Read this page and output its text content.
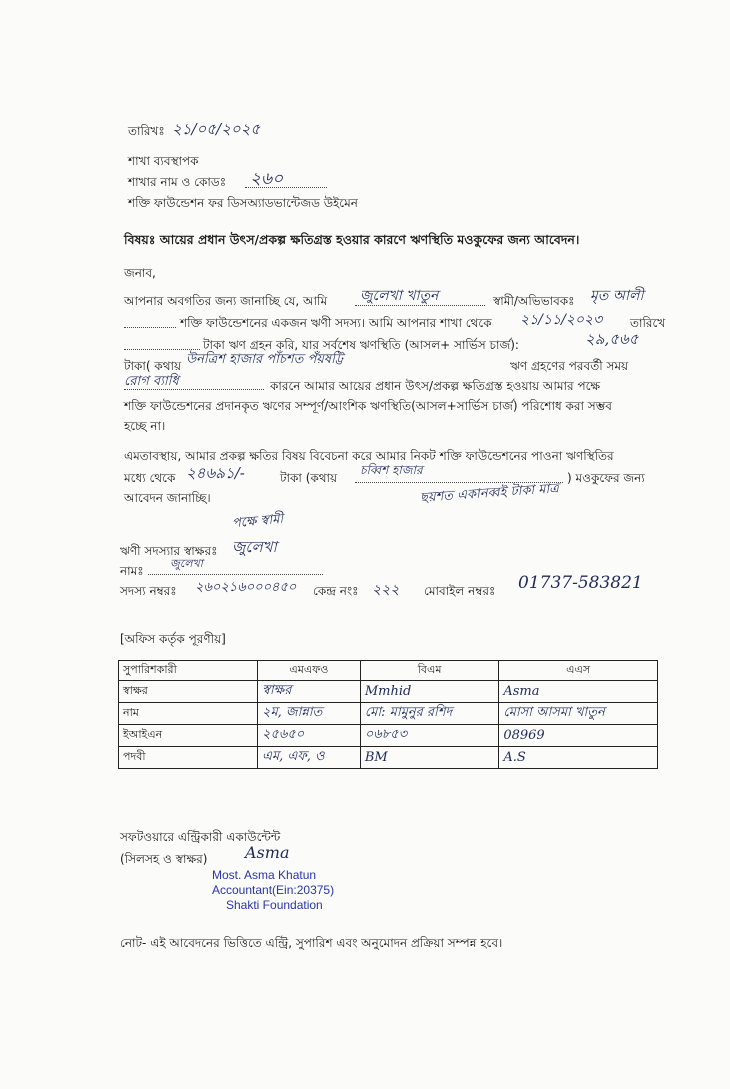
তারিখঃ ২১/০৫/২০২৫
শাখা ব্যবস্থাপক
শাখার নাম ও কোডঃ ২৬০
শক্তি ফাউন্ডেশন ফর ডিসঅ্যাডভান্টেজড উইমেন
বিষয়ঃ আয়ের প্রধান উৎস/প্রকল্প ক্ষতিগ্রস্ত হওয়ার কারণে ঋণস্থিতি মওকুফের জন্য আবেদন।
জনাব,
আপনার অবগতির জন্য জানাচ্ছি যে, আমি জুলেখা খাতুন	স্বামী/অভিভাবকঃ মৃত আলী
শক্তি ফাউন্ডেশনের একজন ঋণী সদস্য। আমি আপনার শাখা থেকে ২১/১১/২০২৩ তারিখে
টাকা ঋণ গ্রহন করি, যার সর্বশেষ ঋণস্থিতি (আসল+ সার্ভিস চার্জ):	২৯,৫৬৫
টাকা( কথায় উনত্রিশ হাজার পাঁচশত পঁয়ষট্টি	ঋণ গ্রহণের পরবর্তী সময়
রোগ ব্যাধি	কারনে আমার আয়ের প্রধান উৎস/প্রকল্প ক্ষতিগ্রস্ত হওয়ায় আমার পক্ষে
শক্তি ফাউন্ডেশনের প্রদানকৃত ঋণের সম্পূর্ণ/আংশিক ঋণস্থিতি(আসল+সার্ভিস চার্জ) পরিশোধ করা সম্ভব
হচ্ছে না।
এমতাবস্থায়, আমার প্রকল্প ক্ষতির বিষয় বিবেচনা করে আমার নিকট শক্তি ফাউন্ডেশনের পাওনা ঋণস্থিতির
মধ্যে থেকে ২৪৬৯১/-	টাকা (কথায়
চব্বিশ হাজার
) মওকুফের জন্য
আবেদন জানাচ্ছি।	ছয়শত একানব্বই টাকা মাত্র
পক্ষে স্বামী
ঋণী সদস্যার স্বাক্ষরঃ জুলেখা
নামঃ
জুলেখা
সদস্য নম্বরঃ ২৬০২১৬০০০৪৫০ কেন্দ্র নংঃ ২২২ মোবাইল নম্বরঃ 01737-583821
[অফিস কর্তৃক পূরণীয়]
সুপারিশকারী	এমএফও	বিএম	এএস
স্বাক্ষর	স্বাক্ষর	Mmhid	Asma
নাম	২ম, জান্নাত	মো: মামুনুর রশিদ	মোসা আসমা খাতুন
ইআইএন	২৫৬৫০	০৬৮৫৩	08969
পদবী	এম, এফ, ও	BM	A.S
সফটওয়ারে এন্ট্রিকারী একাউন্টেন্ট
(সিলসহ ও স্বাক্ষর) Asma
Most. Asma Khatun
Accountant(Ein:20375)
Shakti Foundation
নোট- এই আবেদনের ভিত্তিতে এন্ট্রি, সুপারিশ এবং অনুমোদন প্রক্রিয়া সম্পন্ন হবে।
